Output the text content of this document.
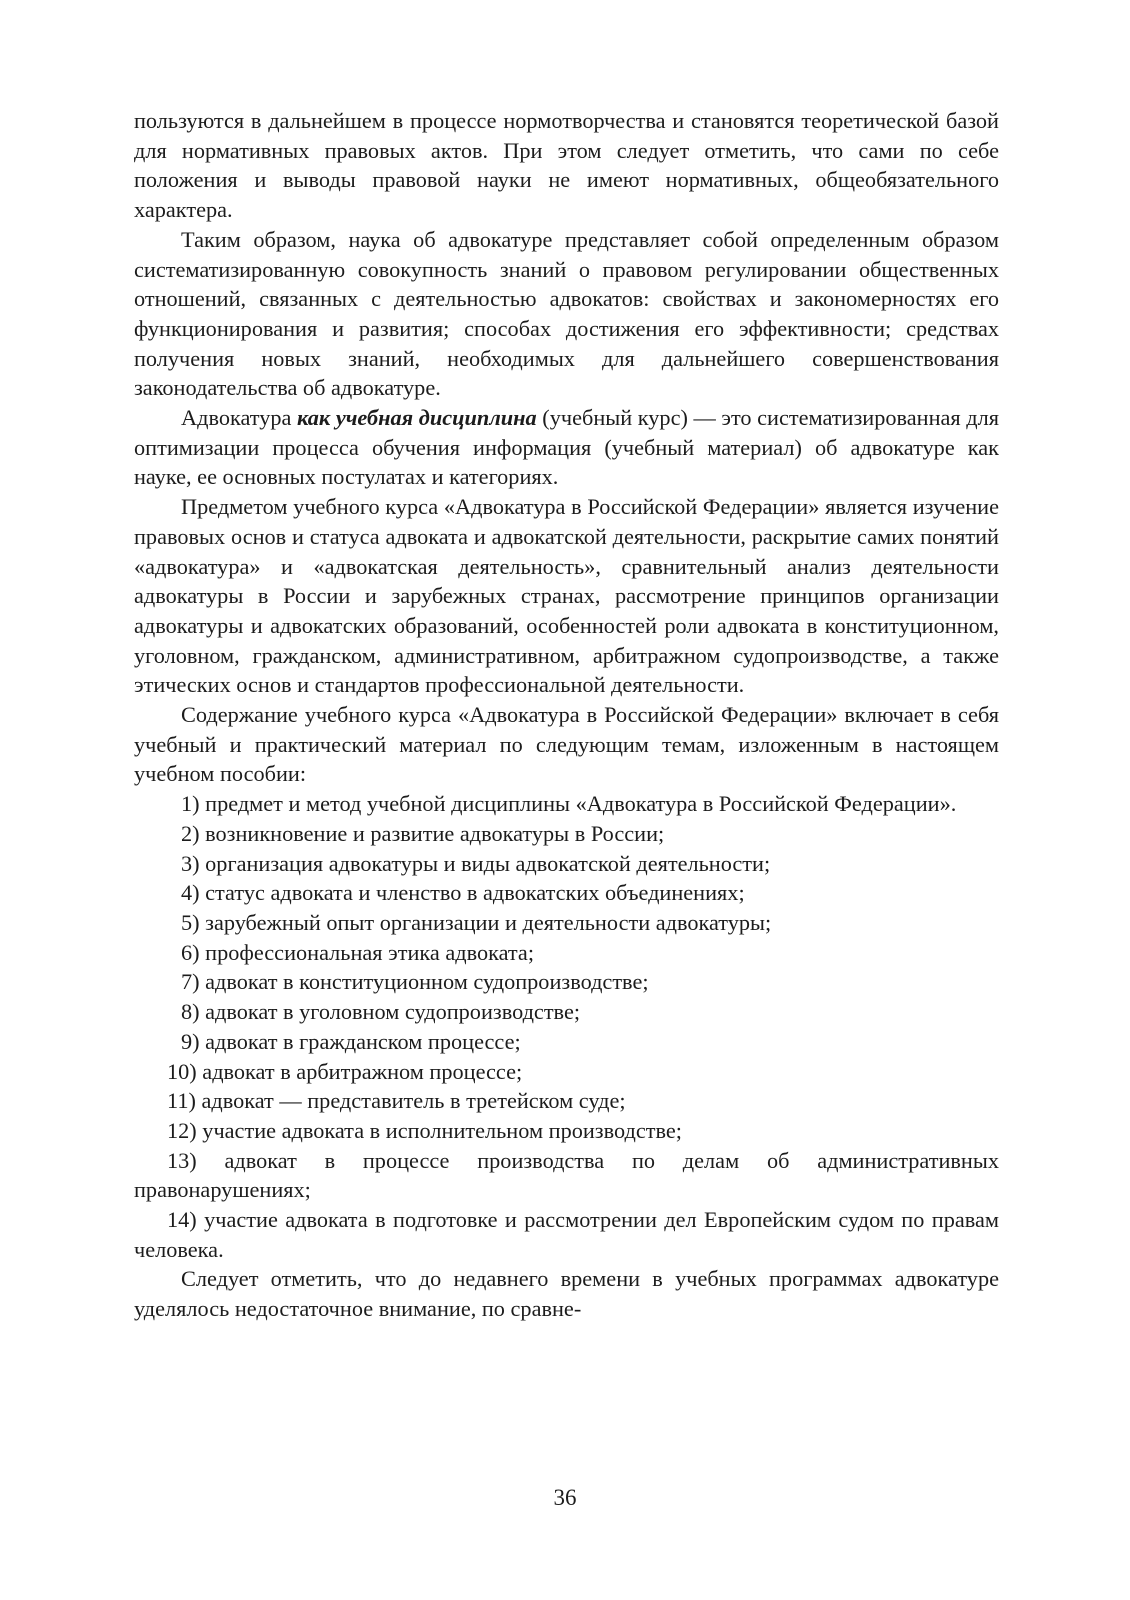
пользуются в дальнейшем в процессе нормотворчества и становятся теоретической базой для нормативных правовых актов. При этом следует отметить, что сами по себе положения и выводы правовой науки не имеют нормативных, общеобязательного характера.

Таким образом, наука об адвокатуре представляет собой определенным образом систематизированную совокупность знаний о правовом регулировании общественных отношений, связанных с деятельностью адвокатов: свойствах и закономерностях его функционирования и развития; способах достижения его эффективности; средствах получения новых знаний, необходимых для дальнейшего совершенствования законодательства об адвокатуре.

Адвокатура как учебная дисциплина (учебный курс) — это систематизированная для оптимизации процесса обучения информация (учебный материал) об адвокатуре как науке, ее основных постулатах и категориях.

Предметом учебного курса «Адвокатура в Российской Федерации» является изучение правовых основ и статуса адвоката и адвокатской деятельности, раскрытие самих понятий «адвокатура» и «адвокатская деятельность», сравнительный анализ деятельности адвокатуры в России и зарубежных странах, рассмотрение принципов организации адвокатуры и адвокатских образований, особенностей роли адвоката в конституционном, уголовном, гражданском, административном, арбитражном судопроизводстве, а также этических основ и стандартов профессиональной деятельности.

Содержание учебного курса «Адвокатура в Российской Федерации» включает в себя учебный и практический материал по следующим темам, изложенным в настоящем учебном пособии:

1) предмет и метод учебной дисциплины «Адвокатура в Российской Федерации».

2) возникновение и развитие адвокатуры в России;

3) организация адвокатуры и виды адвокатской деятельности;

4) статус адвоката и членство в адвокатских объединениях;

5) зарубежный опыт организации и деятельности адвокатуры;

6) профессиональная этика адвоката;

7) адвокат в конституционном судопроизводстве;

8) адвокат в уголовном судопроизводстве;

9) адвокат в гражданском процессе;

10) адвокат в арбитражном процессе;

11) адвокат — представитель в третейском суде;

12) участие адвоката в исполнительном производстве;

13) адвокат в процессе производства по делам об административных правонарушениях;

14) участие адвоката в подготовке и рассмотрении дел Европейским судом по правам человека.

Следует отметить, что до недавнего времени в учебных программах адвокатуре уделялось недостаточное внимание, по сравне-

36
